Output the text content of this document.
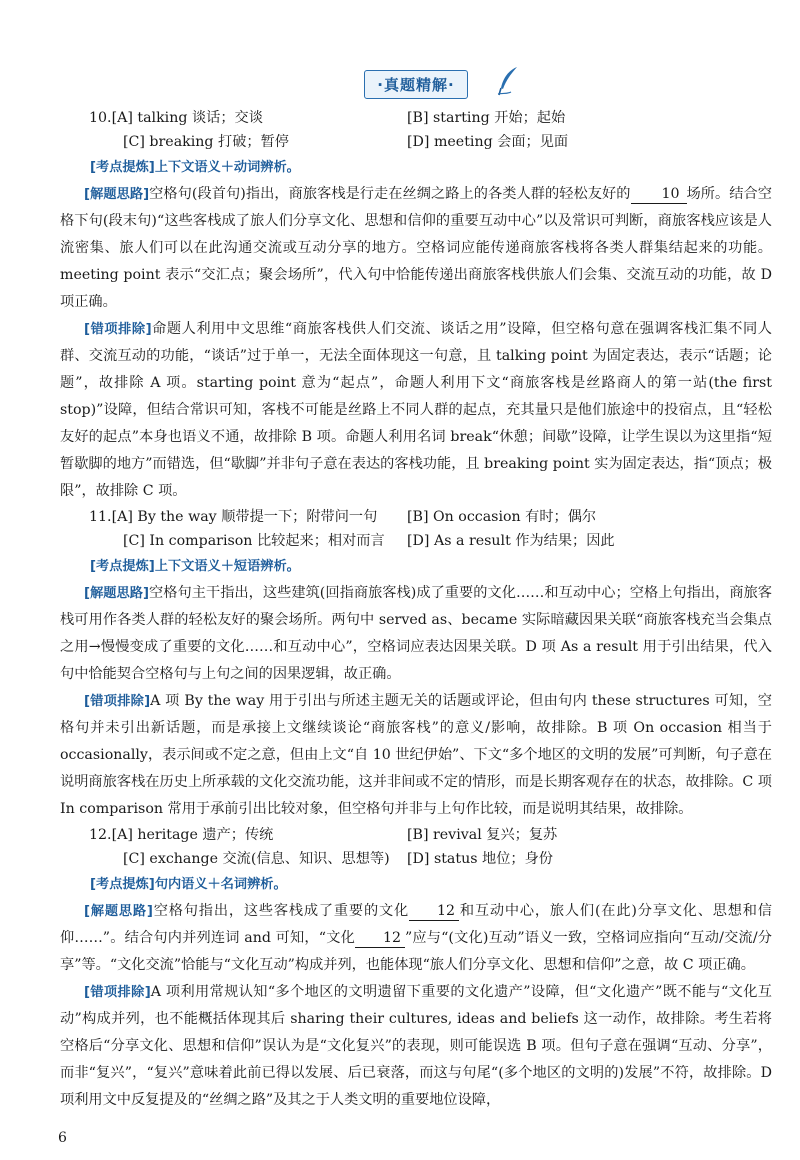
·真题精解·
10.[A] talking 谈话；交谈	[B] starting 开始；起始
[C] breaking 打破；暂停	[D] meeting 会面；见面
[考点提炼]上下文语义＋动词辨析。

[解题思路]空格句(段首句)指出，商旅客栈是行走在丝绸之路上的各类人群的轻松友好的 10 场所。结合空格下句(段末句)“这些客栈成了旅人们分享文化、思想和信仰的重要互动中心”以及常识可判断，商旅客栈应该是人流密集、旅人们可以在此沟通交流或互动分享的地方。空格词应能传递商旅客栈将各类人群集结起来的功能。meeting point 表示“交汇点；聚会场所”，代入句中恰能传递出商旅客栈供旅人们会集、交流互动的功能，故 D 项正确。

[错项排除]命题人利用中文思维“商旅客栈供人们交流、谈话之用”设障，但空格句意在强调客栈汇集不同人群、交流互动的功能，“谈话”过于单一，无法全面体现这一句意，且 talking point 为固定表达，表示“话题；论题”，故排除 A 项。starting point 意为“起点”，命题人利用下文“商旅客栈是丝路商人的第一站(the first stop)”设障，但结合常识可知，客栈不可能是丝路上不同人群的起点，充其量只是他们旅途中的投宿点，且“轻松友好的起点”本身也语义不通，故排除 B 项。命题人利用名词 break“休憩；间歇”设障，让学生误以为这里指“短暂歇脚的地方”而错选，但“歇脚”并非句子意在表达的客栈功能，且 breaking point 实为固定表达，指“顶点；极限”，故排除 C 项。

11.[A] By the way 顺带提一下；附带问一句	[B] On occasion 有时；偶尔
[C] In comparison 比较起来；相对而言	[D] As a result 作为结果；因此
[考点提炼]上下文语义＋短语辨析。

[解题思路]空格句主干指出，这些建筑(回指商旅客栈)成了重要的文化……和互动中心；空格上句指出，商旅客栈可用作各类人群的轻松友好的聚会场所。两句中 served as、became 实际暗藏因果关联“商旅客栈充当会集点之用→慢慢变成了重要的文化……和互动中心”，空格词应表达因果关联。D 项 As a result 用于引出结果，代入句中恰能契合空格句与上句之间的因果逻辑，故正确。

[错项排除]A 项 By the way 用于引出与所述主题无关的话题或评论，但由句内 these structures 可知，空格句并未引出新话题，而是承接上文继续谈论“商旅客栈”的意义/影响，故排除。B 项 On occasion 相当于 occasionally，表示间或不定之意，但由上文“自 10 世纪伊始”、下文“多个地区的文明的发展”可判断，句子意在说明商旅客栈在历史上所承载的文化交流功能，这并非间或不定的情形，而是长期客观存在的状态，故排除。C 项 In comparison 常用于承前引出比较对象，但空格句并非与上句作比较，而是说明其结果，故排除。

12.[A] heritage 遗产；传统	[B] revival 复兴；复苏
[C] exchange 交流(信息、知识、思想等)	[D] status 地位；身份
[考点提炼]句内语义＋名词辨析。

[解题思路]空格句指出，这些客栈成了重要的文化 12 和互动中心，旅人们(在此)分享文化、思想和信仰……”。结合句内并列连词 and 可知，“文化 12 ”应与“(文化)互动”语义一致，空格词应指向“互动/交流/分享”等。“文化交流”恰能与“文化互动”构成并列，也能体现“旅人们分享文化、思想和信仰”之意，故 C 项正确。

[错项排除]A 项利用常规认知“多个地区的文明遗留下重要的文化遗产”设障，但“文化遗产”既不能与“文化互动”构成并列，也不能概括体现其后 sharing their cultures, ideas and beliefs 这一动作，故排除。考生若将空格后“分享文化、思想和信仰”误认为是“文化复兴”的表现，则可能误选 B 项。但句子意在强调“互动、分享”，而非“复兴”，“复兴”意味着此前已得以发展、后已衰落，而这与句尾“(多个地区的文明的)发展”不符，故排除。D 项利用文中反复提及的“丝绸之路”及其之于人类文明的重要地位设障，

6
